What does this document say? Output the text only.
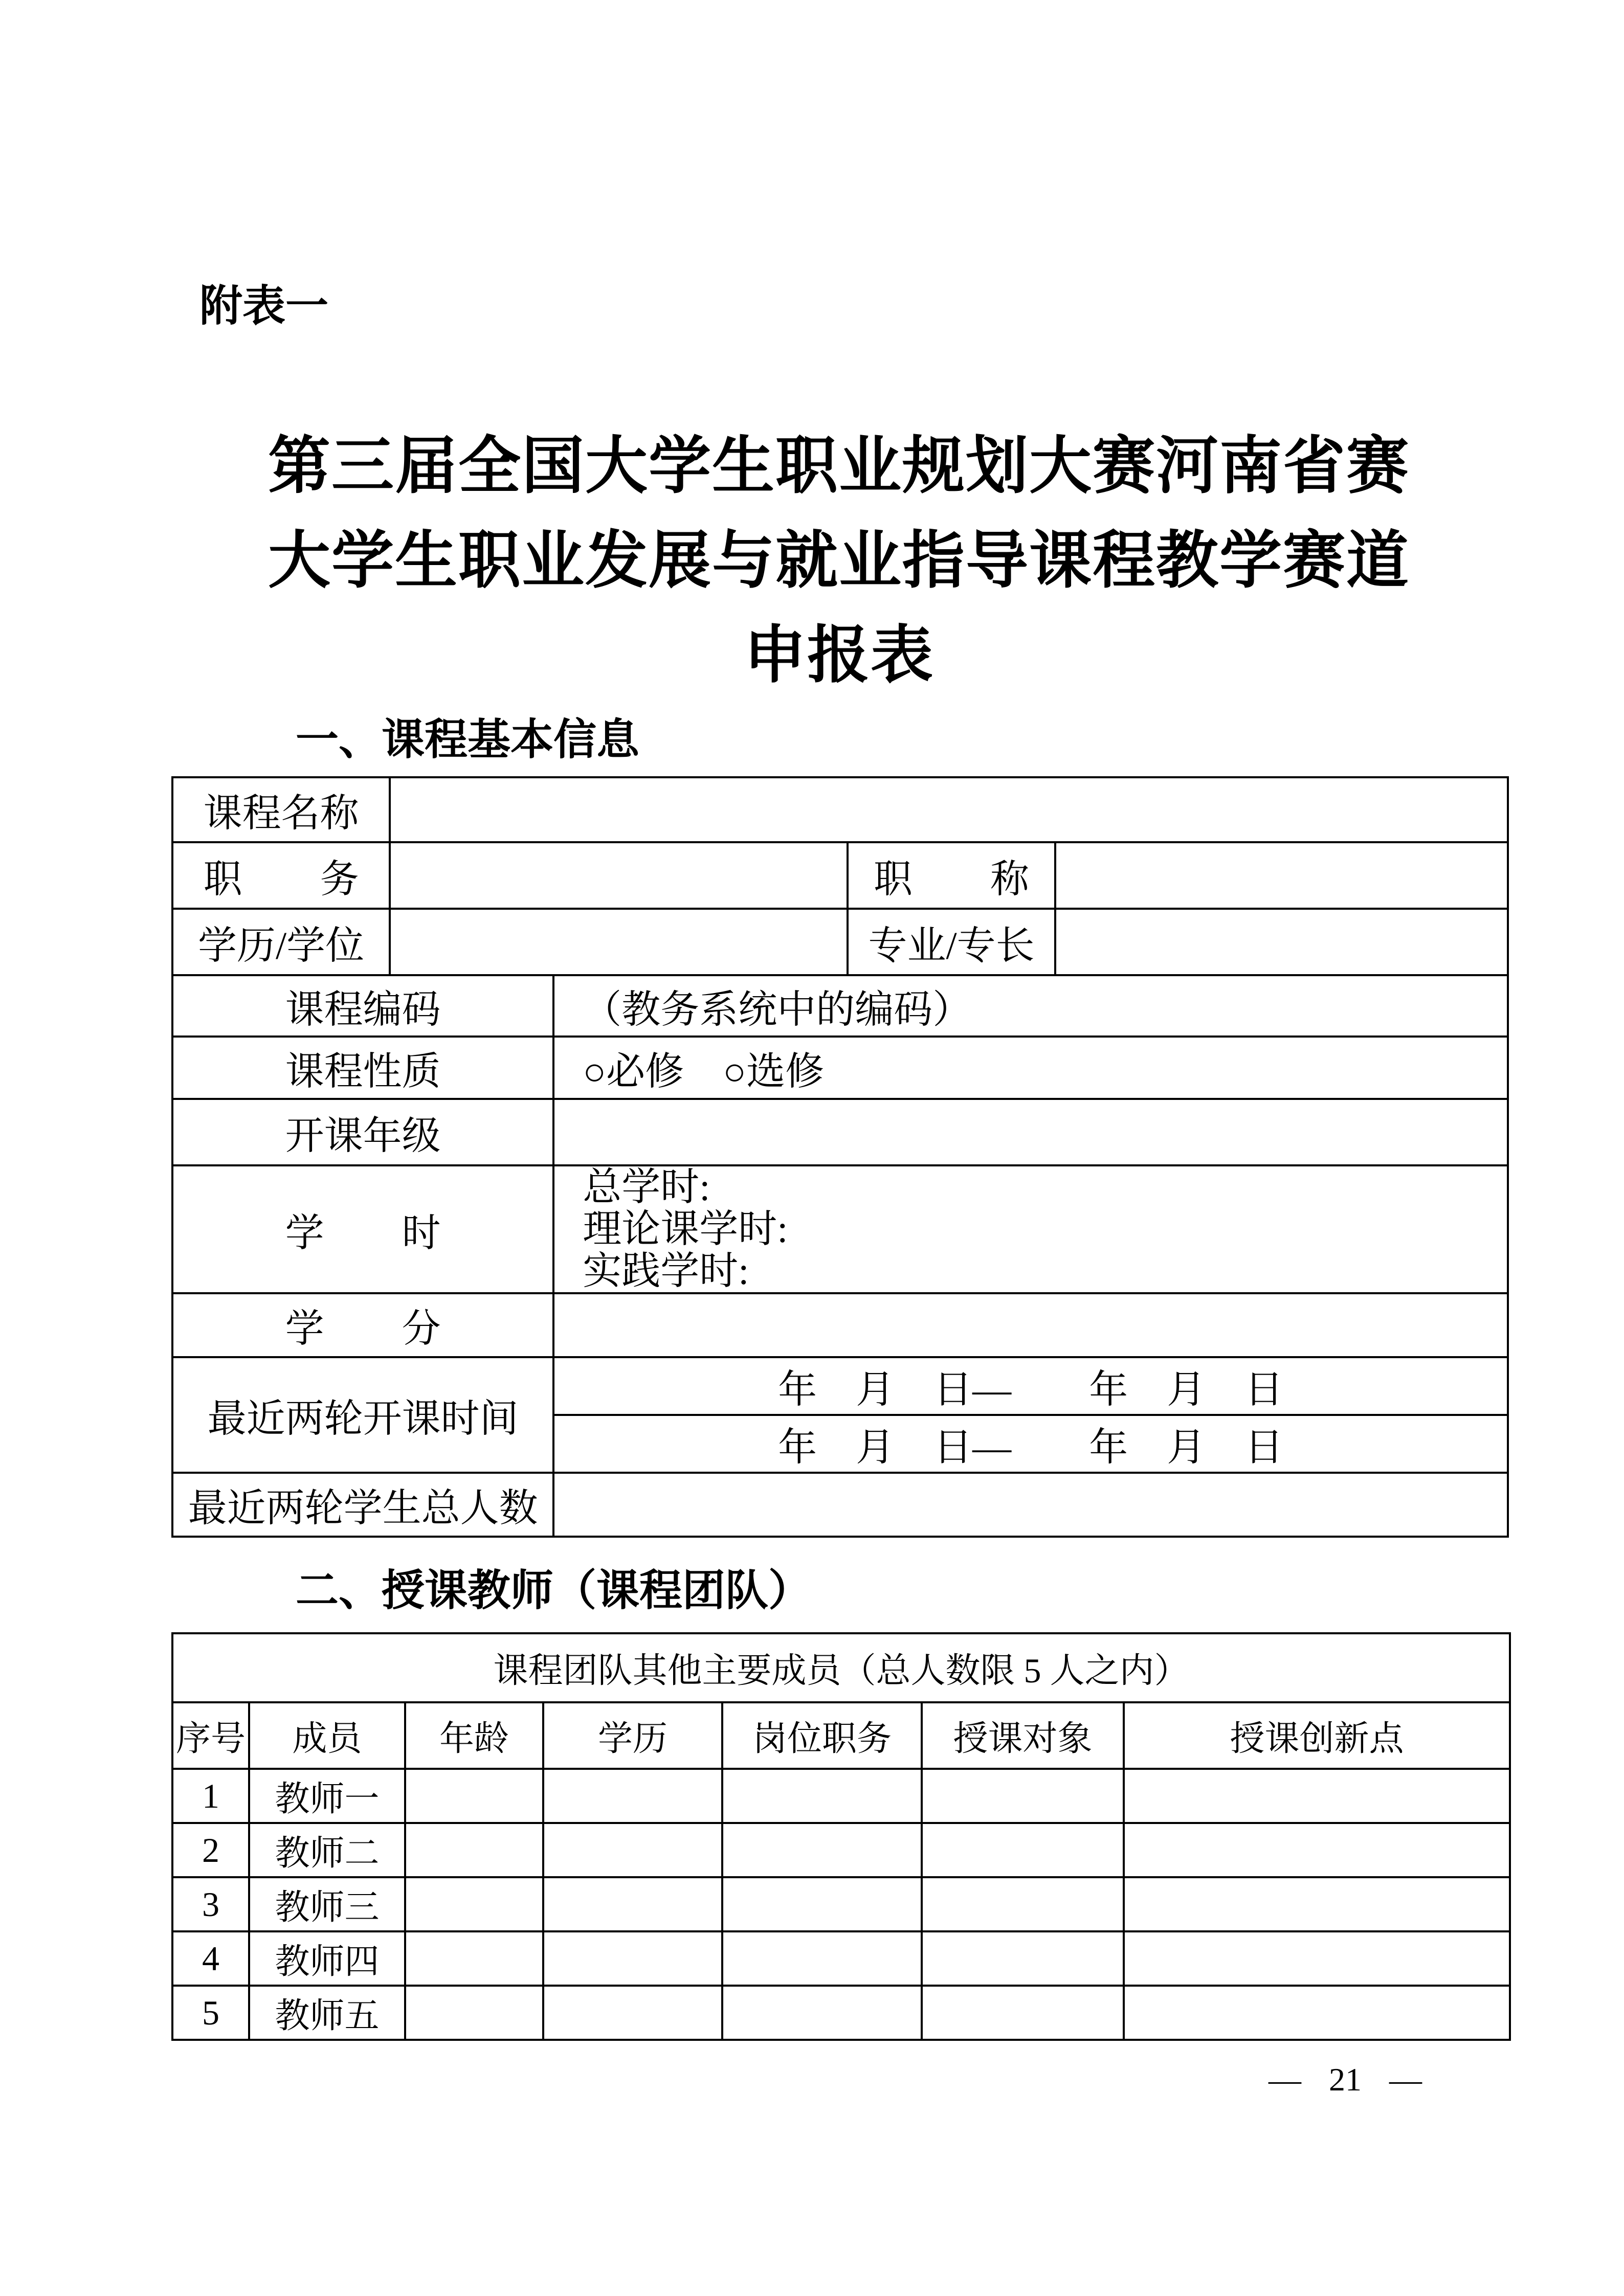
附表一
第三届全国大学生职业规划大赛河南省赛
大学生职业发展与就业指导课程教学赛道
申报表
一、课程基本信息
课程名称				
职　　务			职　　称	
学历/学位			专业/专长	
课程编码		（教务系统中的编码）		
课程性质		○必修　○选修		
开课年级				
学　　时		总学时:
理论课学时:
实践学时:		

学　　分				
最近两轮开课时间		年　月　日—　　年　月　日		
		年　月　日—　　年　月　日		
最近两轮学生总人数				
二、授课教师（课程团队）
课程团队其他主要成员（总人数限 5 人之内）						
序号	成员	年龄	学历	岗位职务	授课对象	授课创新点
1	教师一					
2	教师二					
3	教师三					
4	教师四					
5	教师五					
— 21 —
